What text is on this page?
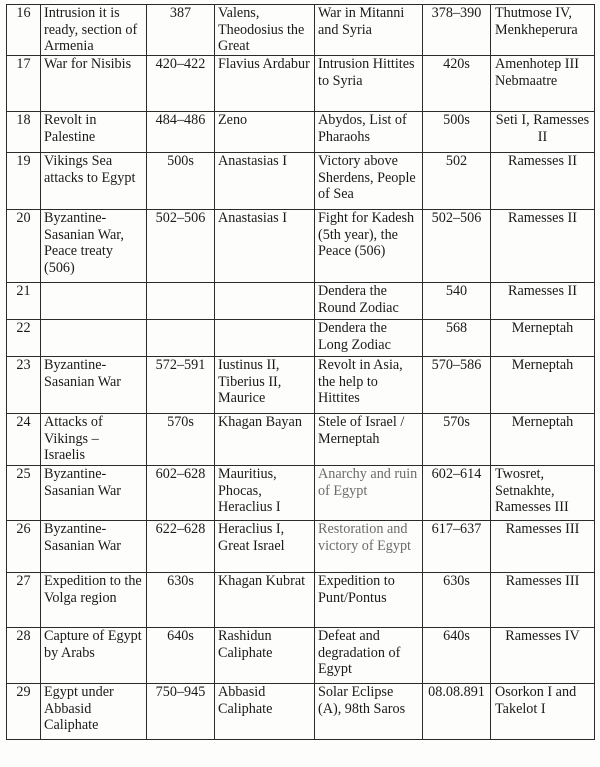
16	Intrusion it is ready, section of Armenia	387	Valens, Theodosius the Great	War in Mitanni and Syria	378–390	Thutmose IV, Menkheperura
17	War for Nisibis	420–422	Flavius Ardabur	Intrusion Hittites to Syria	420s	Amenhotep III Nebmaatre
18	Revolt in Palestine	484–486	Zeno	Abydos, List of Pharaohs	500s	Seti I, Ramesses II
19	Vikings Sea attacks to Egypt	500s	Anastasias I	Victory above Sherdens, People of Sea	502	Ramesses II
20	Byzantine-Sasanian War, Peace treaty (506)	502–506	Anastasias I	Fight for Kadesh (5th year), the Peace (506)	502–506	Ramesses II
21				Dendera the Round Zodiac	540	Ramesses II
22				Dendera the Long Zodiac	568	Merneptah
23	Byzantine-Sasanian War	572–591	Iustinus II, Tiberius II, Maurice	Revolt in Asia, the help to Hittites	570–586	Merneptah
24	Attacks of Vikings – Israelis	570s	Khagan Bayan	Stele of Israel / Merneptah	570s	Merneptah
25	Byzantine-Sasanian War	602–628	Mauritius, Phocas, Heraclius I	Anarchy and ruin of Egypt	602–614	Twosret, Setnakhte, Ramesses III
26	Byzantine-Sasanian War	622–628	Heraclius I, Great Israel	Restoration and victory of Egypt	617–637	Ramesses III
27	Expedition to the Volga region	630s	Khagan Kubrat	Expedition to Punt/Pontus	630s	Ramesses III
28	Capture of Egypt by Arabs	640s	Rashidun Caliphate	Defeat and degradation of Egypt	640s	Ramesses IV
29	Egypt under Abbasid Caliphate	750–945	Abbasid Caliphate	Solar Eclipse (A), 98th Saros	08.08.891	Osorkon I and Takelot I
